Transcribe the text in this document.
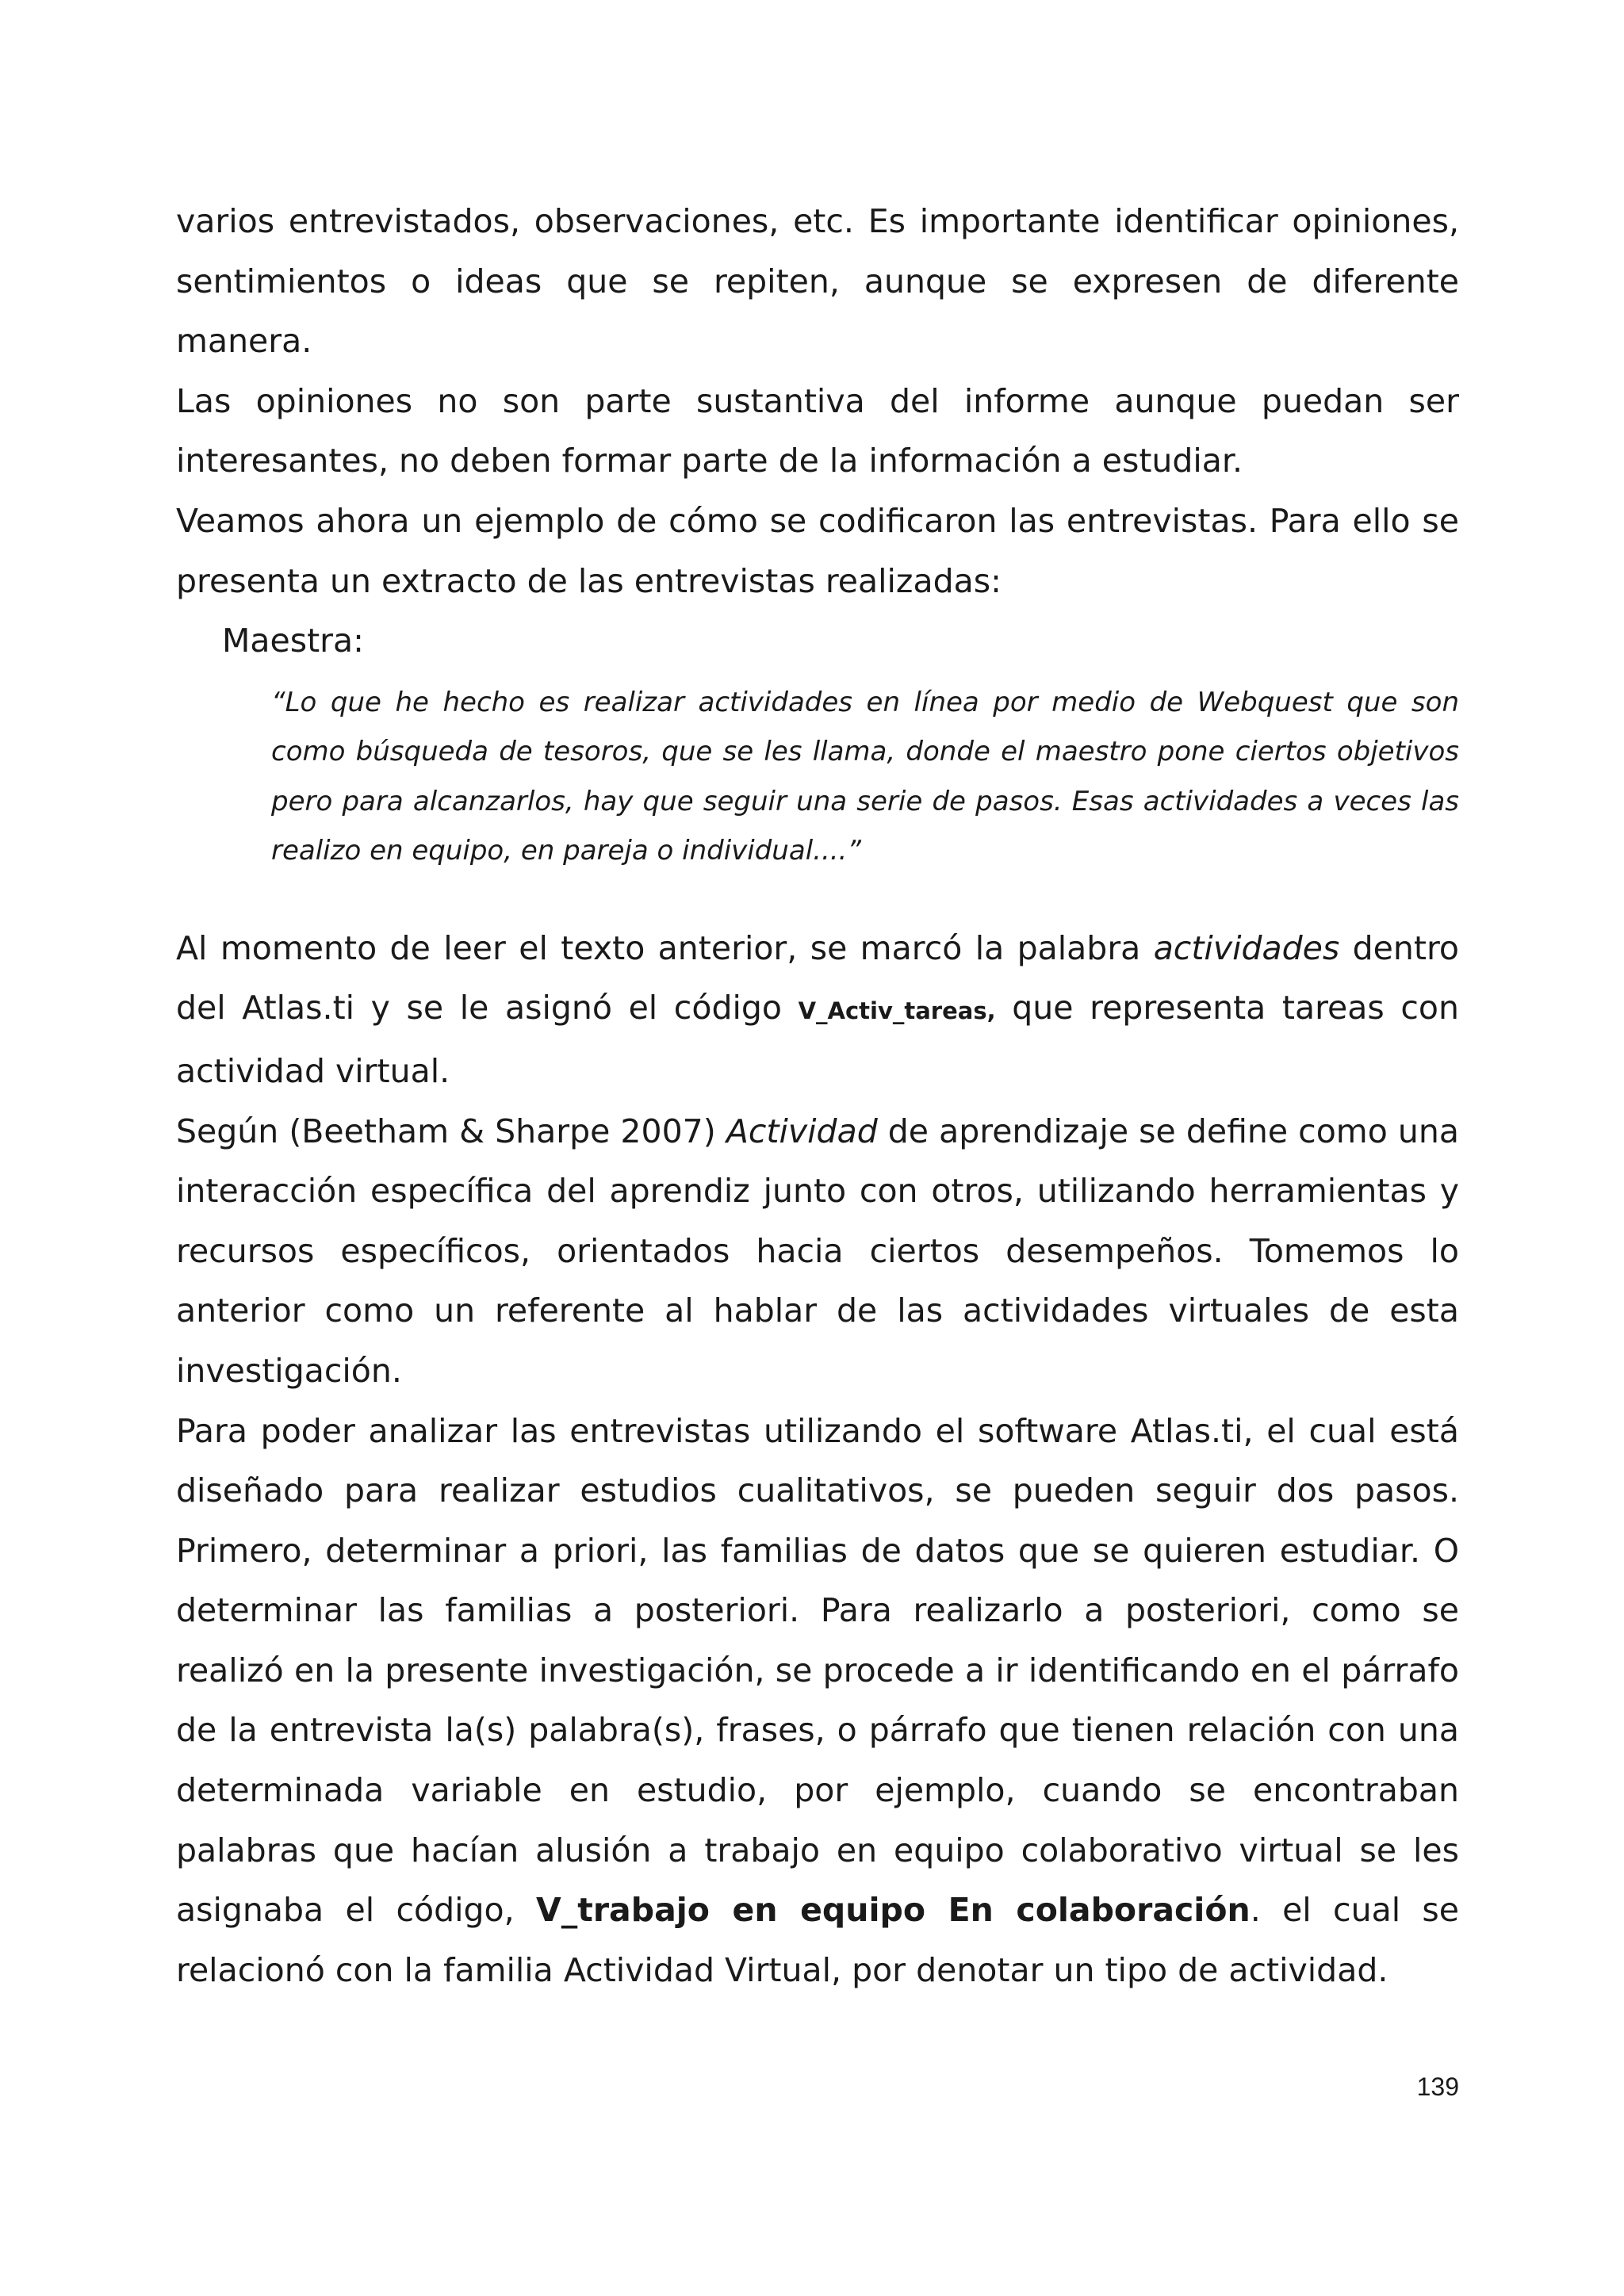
varios entrevistados, observaciones, etc. Es importante identificar opiniones, sentimientos o ideas que se repiten, aunque se expresen de diferente manera.

Las opiniones no son parte sustantiva del informe aunque puedan ser interesantes, no deben formar parte de la información a estudiar.

Veamos ahora un ejemplo de cómo se codificaron las entrevistas. Para ello se presenta un extracto de las entrevistas realizadas:

Maestra:

“Lo que he hecho es realizar actividades en línea por medio de Webquest que son como búsqueda de tesoros, que se les llama, donde el maestro pone ciertos objetivos pero para alcanzarlos, hay que seguir una serie de pasos. Esas actividades a veces las realizo en equipo, en pareja o individual....”

Al momento de leer el texto anterior, se marcó la palabra actividades dentro del Atlas.ti y se le asignó el código V_Activ_tareas, que representa tareas con actividad virtual.

Según (Beetham & Sharpe 2007) Actividad de aprendizaje se define como una interacción específica del aprendiz junto con otros, utilizando herramientas y recursos específicos, orientados hacia ciertos desempeños. Tomemos lo anterior como un referente al hablar de las actividades virtuales de esta investigación.

Para poder analizar las entrevistas utilizando el software Atlas.ti, el cual está diseñado para realizar estudios cualitativos, se pueden seguir dos pasos. Primero, determinar a priori, las familias de datos que se quieren estudiar. O determinar las familias a posteriori. Para realizarlo a posteriori, como se realizó en la presente investigación, se procede a ir identificando en el párrafo de la entrevista la(s) palabra(s), frases, o párrafo que tienen relación con una determinada variable en estudio, por ejemplo, cuando se encontraban palabras que hacían alusión a trabajo en equipo colaborativo virtual se les asignaba el código, V_trabajo en equipo En colaboración. el cual se relacionó con la familia Actividad Virtual, por denotar un tipo de actividad.

139
